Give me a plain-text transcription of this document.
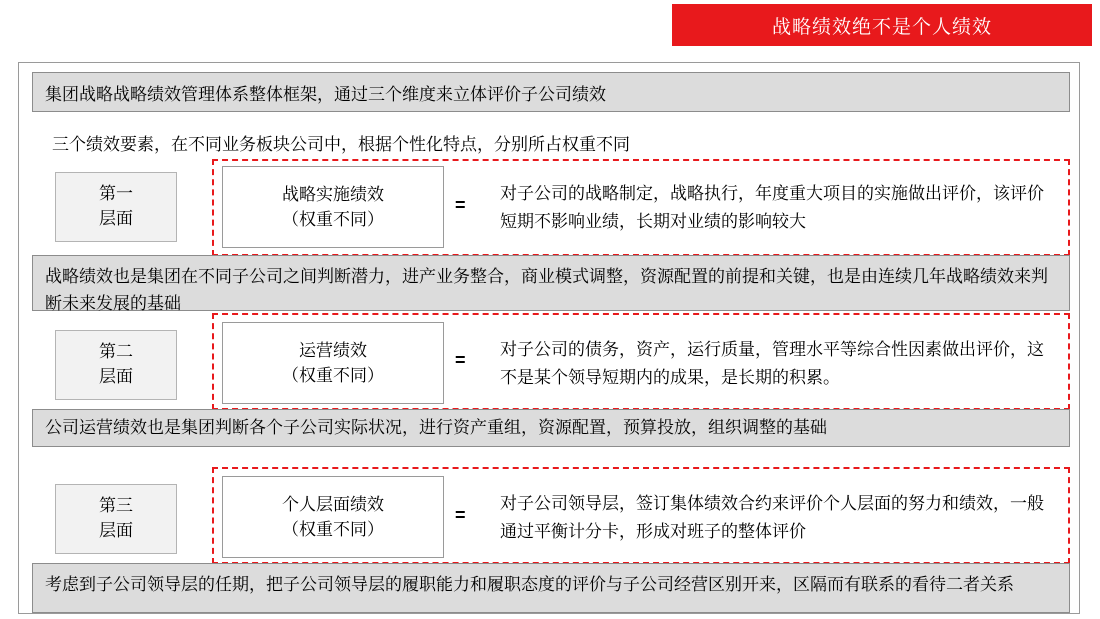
战略绩效绝不是个人绩效
集团战略战略绩效管理体系整体框架，通过三个维度来立体评价子公司绩效
三个绩效要素，在不同业务板块公司中，根据个性化特点，分别所占权重不同
第一
层面
战略实施绩效
（权重不同）
=
对子公司的战略制定，战略执行，年度重大项目的实施做出评价，该评价短期不影响业绩，长期对业绩的影响较大
战略绩效也是集团在不同子公司之间判断潜力，进产业务整合，商业模式调整，资源配置的前提和关键，也是由连续几年战略绩效来判断未来发展的基础
第二
层面
运营绩效
（权重不同）
=
对子公司的债务，资产，运行质量，管理水平等综合性因素做出评价，这不是某个领导短期内的成果，是长期的积累。
公司运营绩效也是集团判断各个子公司实际状况，进行资产重组，资源配置，预算投放，组织调整的基础
第三
层面
个人层面绩效
（权重不同）
=
对子公司领导层，签订集体绩效合约来评价个人层面的努力和绩效，一般通过平衡计分卡，形成对班子的整体评价
考虑到子公司领导层的任期，把子公司领导层的履职能力和履职态度的评价与子公司经营区别开来，区隔而有联系的看待二者关系
